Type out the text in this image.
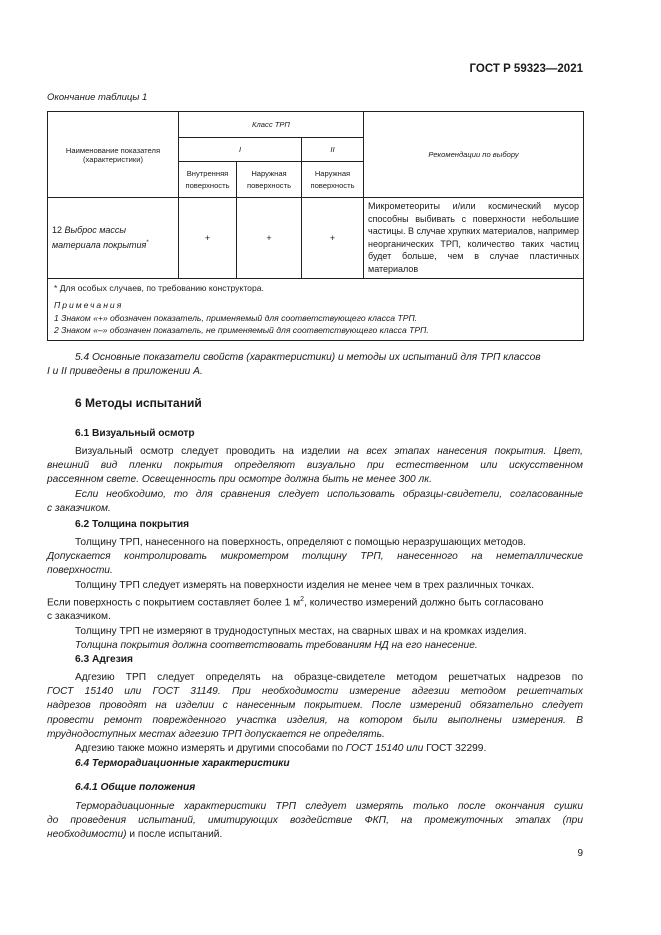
ГОСТ Р 59323—2021
Окончание таблицы 1
Наименование показателя (характеристики)	Класс ТРП			Рекомендации по выбору
	I		II	
	Внутренняя поверхность	Наружная поверхность	Наружная поверхность	
12 Выброс массы материала покрытия*	+	+	+	Микрометеориты и/или космический мусор способны выбивать с поверхности небольшие частицы. В случае хрупких материалов, например неорганических ТРП, количество таких частиц будет больше, чем в случае пластичных материалов

* Для особых случаев, по требованию конструктора.
Примечания
1 Знаком «+» обозначен показатель, применяемый для соответствующего класса ТРП.
2 Знаком «–» обозначен показатель, не применяемый для соответствующего класса ТРП.				

5.4 Основные показатели свойств (характеристики) и методы их испытаний для ТРП классов

I и II приведены в приложении А.

6 Методы испытаний
6.1 Визуальный осмотр

Визуальный осмотр следует проводить на изделии на всех этапах нанесения покрытия. Цвет,

внешний вид пленки покрытия определяют визуально при естественном или искусственном

рассеянном свете. Освещенность при осмотре должна быть не менее 300 лк.

Если необходимо, то для сравнения следует использовать образцы-свидетели, согласованные

с заказчиком.

6.2 Толщина покрытия

Толщину ТРП, нанесенного на поверхность, определяют с помощью неразрушающих методов.

Допускается контролировать микрометром толщину ТРП, нанесенного на неметаллические

поверхности.

Толщину ТРП следует измерять на поверхности изделия не менее чем в трех различных точках.

Если поверхность с покрытием составляет более 1 $м^2$, количество измерений должно быть согласовано

с заказчиком.

Толщину ТРП не измеряют в труднодоступных местах, на сварных швах и на кромках изделия.

Толщина покрытия должна соответствовать требованиям НД на его нанесение.

6.3 Адгезия

Адгезию ТРП следует определять на образце-свидетеле методом решетчатых надрезов по

ГОСТ 15140 или ГОСТ 31149. При необходимости измерение адгезии методом решетчатых

надрезов проводят на изделии с нанесенным покрытием. После измерений обязательно следует

провести ремонт поврежденного участка изделия, на котором были выполнены измерения. В

труднодоступных местах адгезию ТРП допускается не определять.

Адгезию также можно измерять и другими способами по ГОСТ 15140 или ГОСТ 32299.

6.4 Терморадиационные характеристики
6.4.1 Общие положения

Терморадиационные характеристики ТРП следует измерять только после окончания сушки

до проведения испытаний, имитирующих воздействие ФКП, на промежуточных этапах (при

необходимости) и после испытаний.

9
